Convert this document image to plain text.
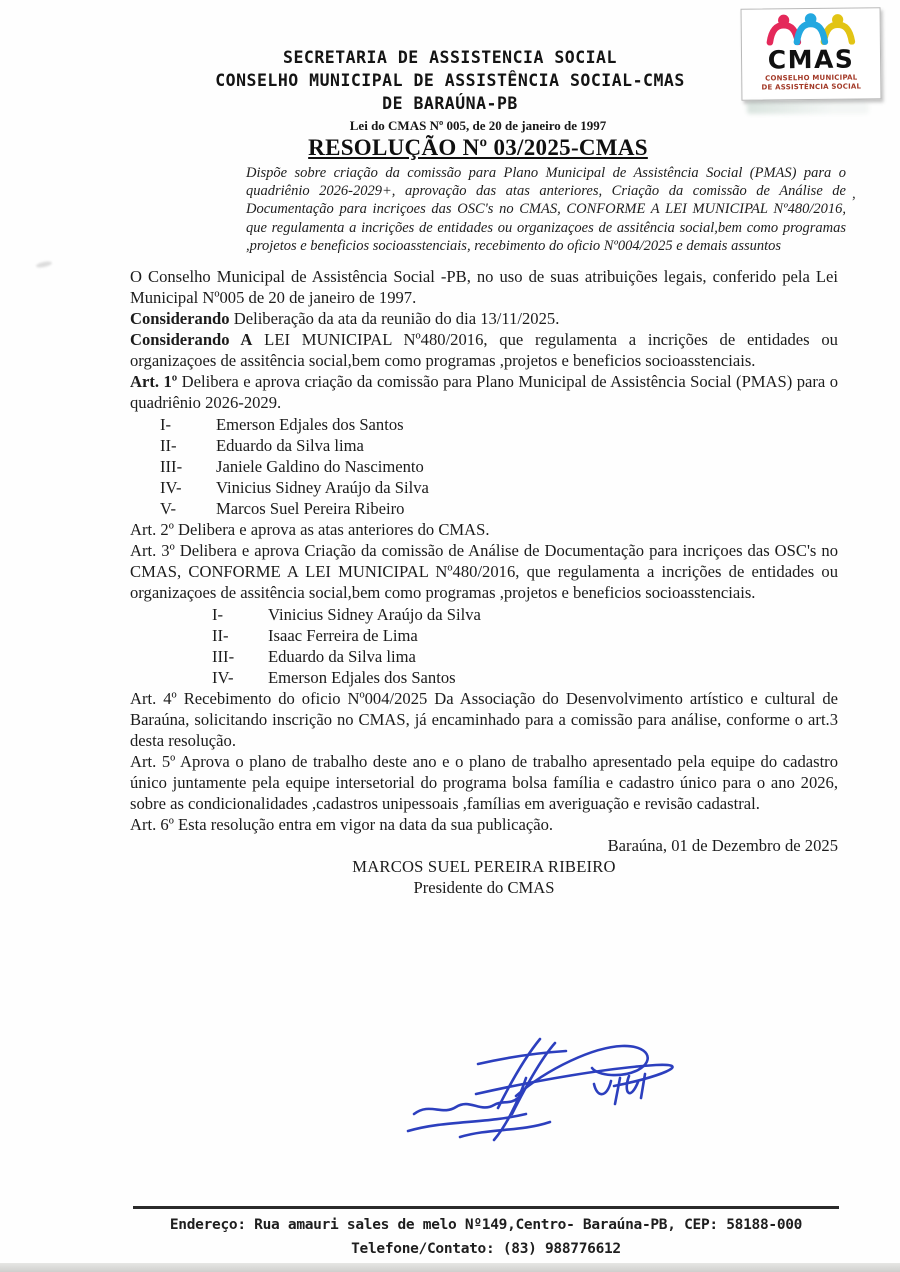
SECRETARIA DE ASSISTENCIA SOCIAL
CONSELHO MUNICIPAL DE ASSISTÊNCIA SOCIAL-CMAS
DE BARAÚNA-PB
Lei do CMAS Nº 005, de 20 de janeiro de 1997
RESOLUÇÃO Nº 03/2025-CMAS
CMAS
CONSELHO MUNICIPAL
DE ASSISTÊNCIA SOCIAL
Dispõe sobre criação da comissão para Plano Municipal de Assistência Social (PMAS) para o quadriênio 2026-2029+, aprovação das atas anteriores, Criação da comissão de Análise de Documentação para incriçoes das OSC's no CMAS, CONFORME A LEI MUNICIPAL Nº480/2016, que regulamenta a incrições de entidades ou organizaçoes de assitência social,bem como programas ,projetos e beneficios socioasstenciais, recebimento do oficio Nº004/2025 e demais assuntos
,

O Conselho Municipal de Assistência Social -PB, no uso de suas atribuições legais, conferido pela Lei Municipal Nº005 de 20 de janeiro de 1997.

Considerando Deliberação da ata da reunião do dia 13/11/2025.

Considerando A LEI MUNICIPAL Nº480/2016, que regulamenta a incrições de entidades ou organizaçoes de assitência social,bem como programas ,projetos e beneficios socioasstenciais.

Art. 1º Delibera e aprova criação da comissão para Plano Municipal de Assistência Social (PMAS) para o quadriênio 2026-2029.

I-	Emerson Edjales dos Santos
II-	Eduardo da Silva lima
III-	Janiele Galdino do Nascimento
IV-	Vinicius Sidney Araújo da Silva
V-	Marcos Suel Pereira Ribeiro

Art. 2º Delibera e aprova as atas anteriores do CMAS.

Art. 3º Delibera e aprova Criação da comissão de Análise de Documentação para incriçoes das OSC's no CMAS, CONFORME A LEI MUNICIPAL Nº480/2016, que regulamenta a incrições de entidades ou organizaçoes de assitência social,bem como programas ,projetos e beneficios socioasstenciais.

I-	Vinicius Sidney Araújo da Silva
II-	Isaac Ferreira de Lima
III-	Eduardo da Silva lima
IV-	Emerson Edjales dos Santos

Art. 4º Recebimento do oficio Nº004/2025 Da Associação do Desenvolvimento artístico e cultural de Baraúna, solicitando inscrição no CMAS, já encaminhado para a comissão para análise, conforme o art.3 desta resolução.

Art. 5º Aprova o plano de trabalho deste ano e o plano de trabalho apresentado pela equipe do cadastro único juntamente pela equipe intersetorial do programa bolsa família e cadastro único para o ano 2026, sobre as condicionalidades ,cadastros unipessoais ,famílias em averiguação e revisão cadastral.

Art. 6º Esta resolução entra em vigor na data da sua publicação.

Baraúna, 01 de Dezembro de 2025

MARCOS SUEL PEREIRA RIBEIRO

Presidente do CMAS

Endereço: Rua amauri sales de melo Nº149,Centro- Baraúna-PB, CEP: 58188-000
Telefone/Contato: (83) 988776612
